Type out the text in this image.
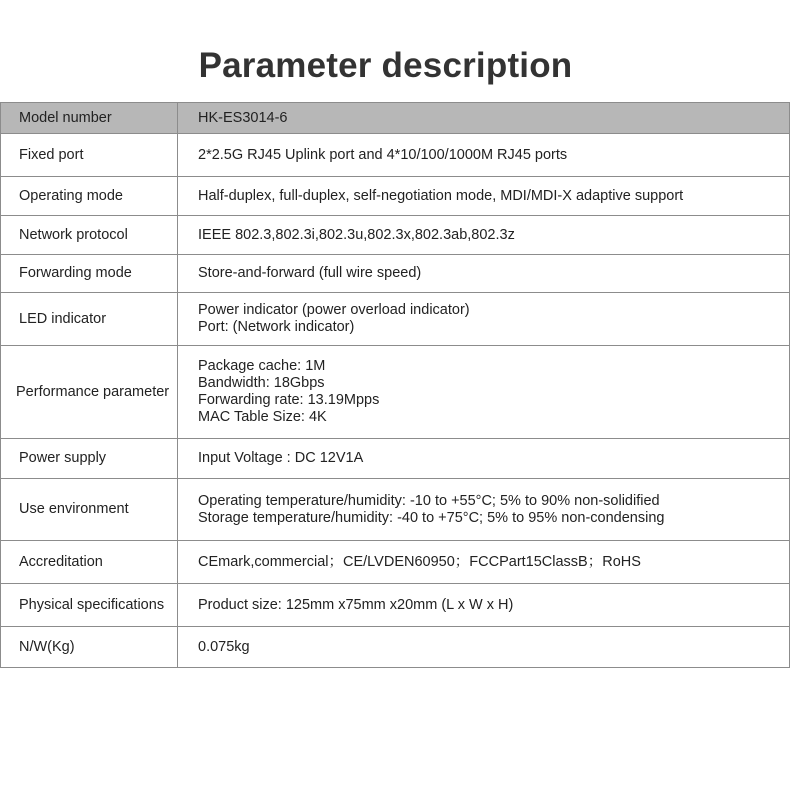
Parameter description
Model number	HK-ES3014-6

Fixed port	2*2.5G RJ45 Uplink port and 4*10/100/1000M RJ45 ports

Operating mode	Half-duplex, full-duplex, self-negotiation mode, MDI/MDI-X adaptive support

Network protocol	IEEE 802.3,802.3i,802.3u,802.3x,802.3ab,802.3z

Forwarding mode	Store-and-forward (full wire speed)

LED indicator	Power indicator (power overload indicator)
Port: (Network indicator)

Performance parameter	Package cache: 1M
Bandwidth: 18Gbps
Forwarding rate: 13.19Mpps
MAC Table Size: 4K

Power supply	Input Voltage : DC 12V1A

Use environment	Operating temperature/humidity: -10 to +55°C; 5% to 90% non-solidified
Storage temperature/humidity: -40 to +75°C; 5% to 95% non-condensing

Accreditation	CEmark,commercial；CE/LVDEN60950；FCCPart15ClassB；RoHS

Physical specifications	Product size: 125mm x75mm x20mm (L x W x H)

N/W(Kg)	0.075kg
